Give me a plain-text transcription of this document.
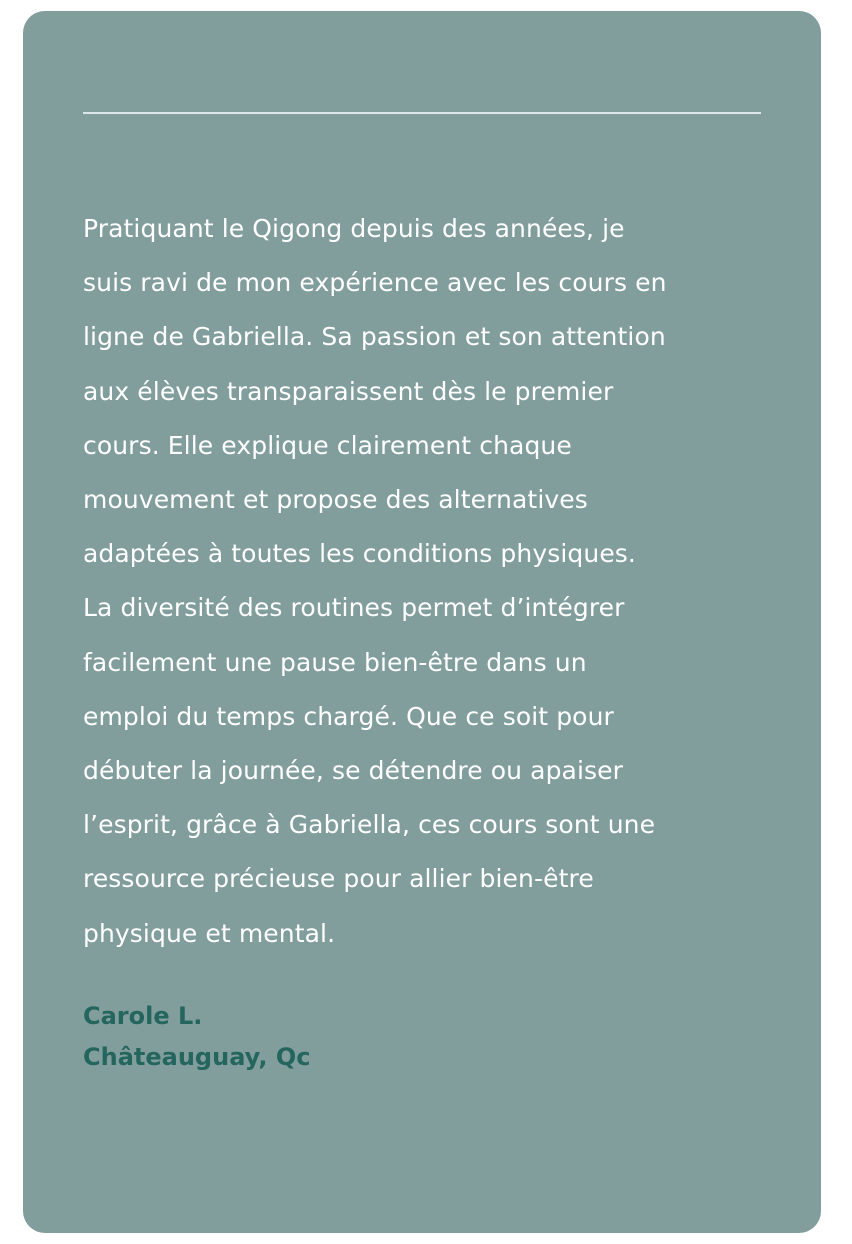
Pratiquant le Qigong depuis des années, je
suis ravi de mon expérience avec les cours en
ligne de Gabriella. Sa passion et son attention
aux élèves transparaissent dès le premier
cours. Elle explique clairement chaque
mouvement et propose des alternatives
adaptées à toutes les conditions physiques.
La diversité des routines permet d’intégrer
facilement une pause bien-être dans un
emploi du temps chargé. Que ce soit pour
débuter la journée, se détendre ou apaiser
l’esprit, grâce à Gabriella, ces cours sont une
ressource précieuse pour allier bien-être
physique et mental.

Carole L.
Châteauguay, Qc
